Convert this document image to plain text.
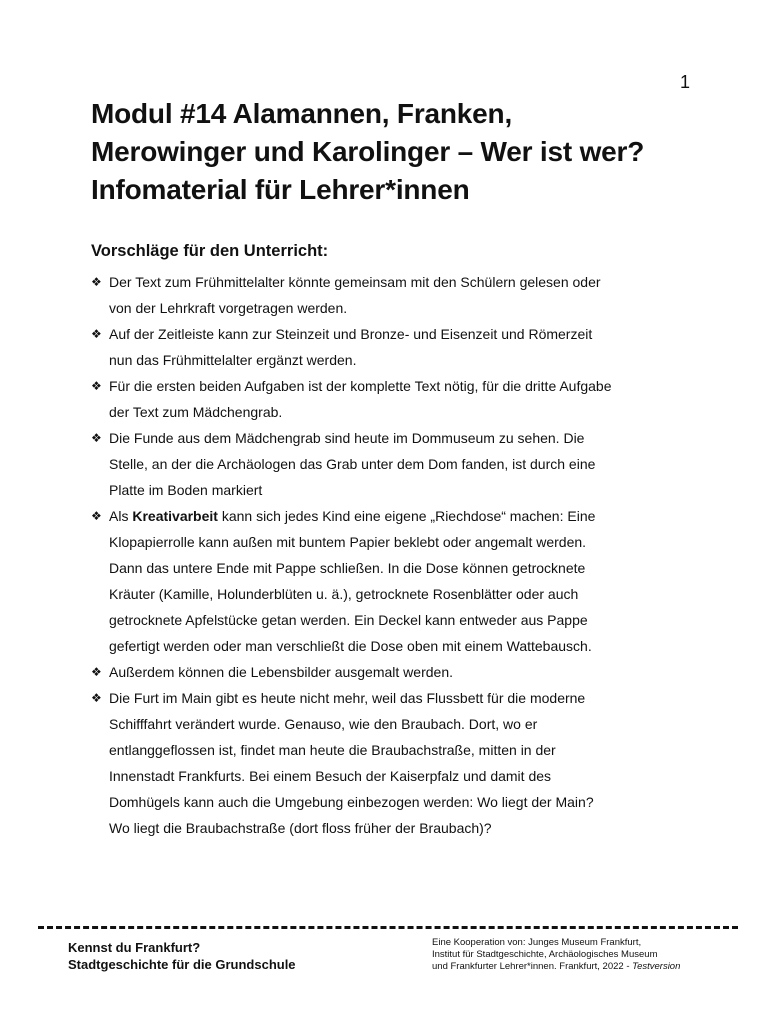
1
Modul #14 Alamannen, Franken,
Merowinger und Karolinger – Wer ist wer?
Infomaterial für Lehrer*innen
Vorschläge für den Unterricht:
❖ Der Text zum Frühmittelalter könnte gemeinsam mit den Schülern gelesen oder
von der Lehrkraft vorgetragen werden.
❖ Auf der Zeitleiste kann zur Steinzeit und Bronze- und Eisenzeit und Römerzeit
nun das Frühmittelalter ergänzt werden.
❖ Für die ersten beiden Aufgaben ist der komplette Text nötig, für die dritte Aufgabe
der Text zum Mädchengrab.
❖ Die Funde aus dem Mädchengrab sind heute im Dommuseum zu sehen. Die
Stelle, an der die Archäologen das Grab unter dem Dom fanden, ist durch eine
Platte im Boden markiert
❖ Als Kreativarbeit kann sich jedes Kind eine eigene „Riechdose“ machen: Eine
Klopapierrolle kann außen mit buntem Papier beklebt oder angemalt werden.
Dann das untere Ende mit Pappe schließen. In die Dose können getrocknete
Kräuter (Kamille, Holunderblüten u. ä.), getrocknete Rosenblätter oder auch
getrocknete Apfelstücke getan werden. Ein Deckel kann entweder aus Pappe
gefertigt werden oder man verschließt die Dose oben mit einem Wattebausch.
❖ Außerdem können die Lebensbilder ausgemalt werden.
❖ Die Furt im Main gibt es heute nicht mehr, weil das Flussbett für die moderne
Schifffahrt verändert wurde. Genauso, wie den Braubach. Dort, wo er
entlanggeflossen ist, findet man heute die Braubachstraße, mitten in der
Innenstadt Frankfurts. Bei einem Besuch der Kaiserpfalz und damit des
Domhügels kann auch die Umgebung einbezogen werden: Wo liegt der Main?
Wo liegt die Braubachstraße (dort floss früher der Braubach)?
Kennst du Frankfurt?
Stadtgeschichte für die Grundschule
Eine Kooperation von: Junges Museum Frankfurt,
Institut für Stadtgeschichte, Archäologisches Museum
und Frankfurter Lehrer*innen. Frankfurt, 2022 - Testversion
